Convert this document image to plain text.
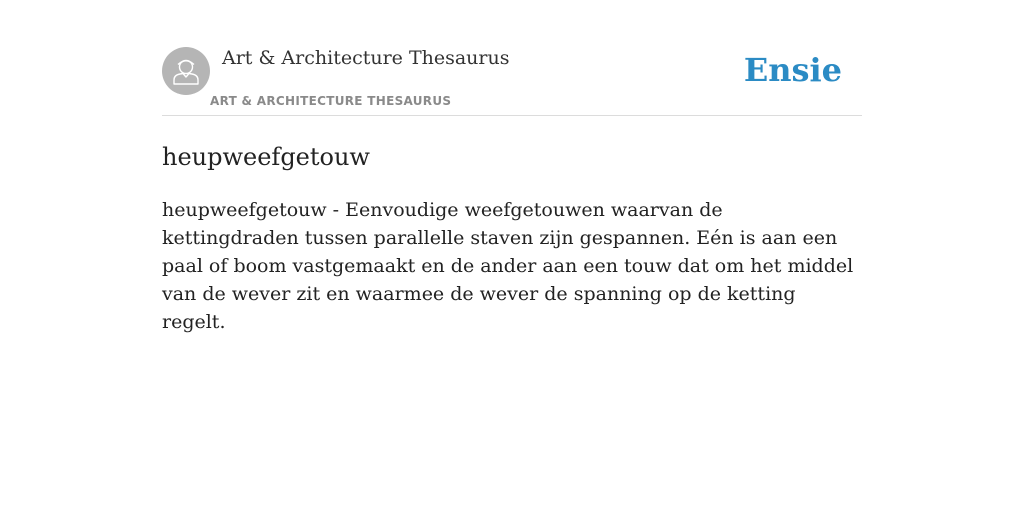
Art & Architecture Thesaurus
ART & ARCHITECTURE THESAURUS
Ensie
heupweefgetouw

heupweefgetouw - Eenvoudige weefgetouwen waarvan de kettingdraden tussen parallelle staven zijn gespannen. Eén is aan een paal of boom vastgemaakt en de ander aan een touw dat om het middel van de wever zit en waarmee de wever de spanning op de ketting regelt.
